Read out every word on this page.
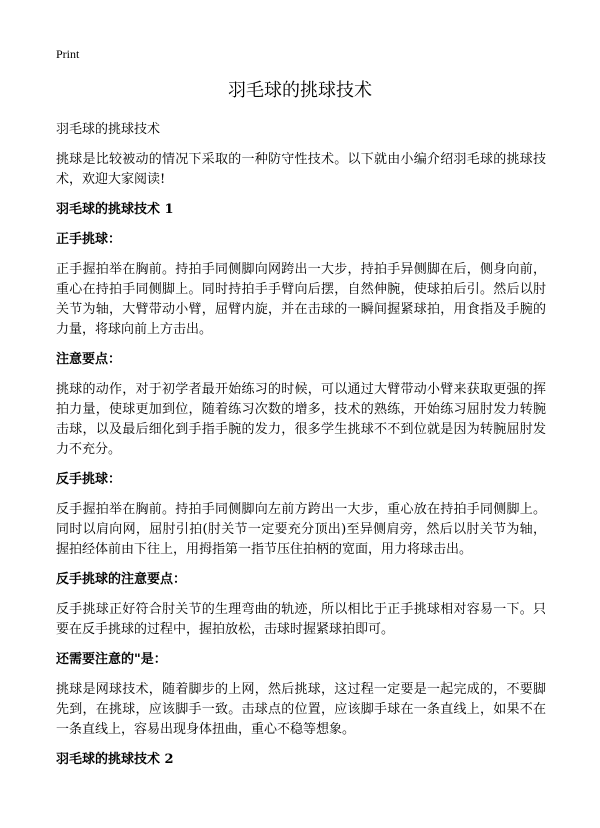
Print
羽毛球的挑球技术
羽毛球的挑球技术

挑球是比较被动的情况下采取的一种防守性技术。以下就由小编介绍羽毛球的挑球技术，欢迎大家阅读!

羽毛球的挑球技术 1
正手挑球：

正手握拍举在胸前。持拍手同侧脚向网跨出一大步，持拍手异侧脚在后，侧身向前，重心在持拍手同侧脚上。同时持拍手手臂向后摆，自然伸腕，使球拍后引。然后以肘关节为轴，大臂带动小臂，屈臂内旋，并在击球的一瞬间握紧球拍，用食指及手腕的力量，将球向前上方击出。

注意要点：

挑球的动作，对于初学者最开始练习的时候，可以通过大臂带动小臂来获取更强的挥拍力量，使球更加到位，随着练习次数的增多，技术的熟练，开始练习屈肘发力转腕击球，以及最后细化到手指手腕的发力，很多学生挑球不不到位就是因为转腕屈肘发力不充分。

反手挑球：

反手握拍举在胸前。持拍手同侧脚向左前方跨出一大步，重心放在持拍手同侧脚上。同时以肩向网，屈肘引拍(肘关节一定要充分顶出)至异侧肩旁，然后以肘关节为轴，握拍经体前由下往上，用拇指第一指节压住拍柄的宽面，用力将球击出。

反手挑球的注意要点：

反手挑球正好符合肘关节的生理弯曲的轨迹，所以相比于正手挑球相对容易一下。只要在反手挑球的过程中，握拍放松，击球时握紧球拍即可。

还需要注意的"是：

挑球是网球技术，随着脚步的上网，然后挑球，这过程一定要是一起完成的，不要脚先到，在挑球，应该脚手一致。击球点的位置，应该脚手球在一条直线上，如果不在一条直线上，容易出现身体扭曲，重心不稳等想象。

羽毛球的挑球技术 2
